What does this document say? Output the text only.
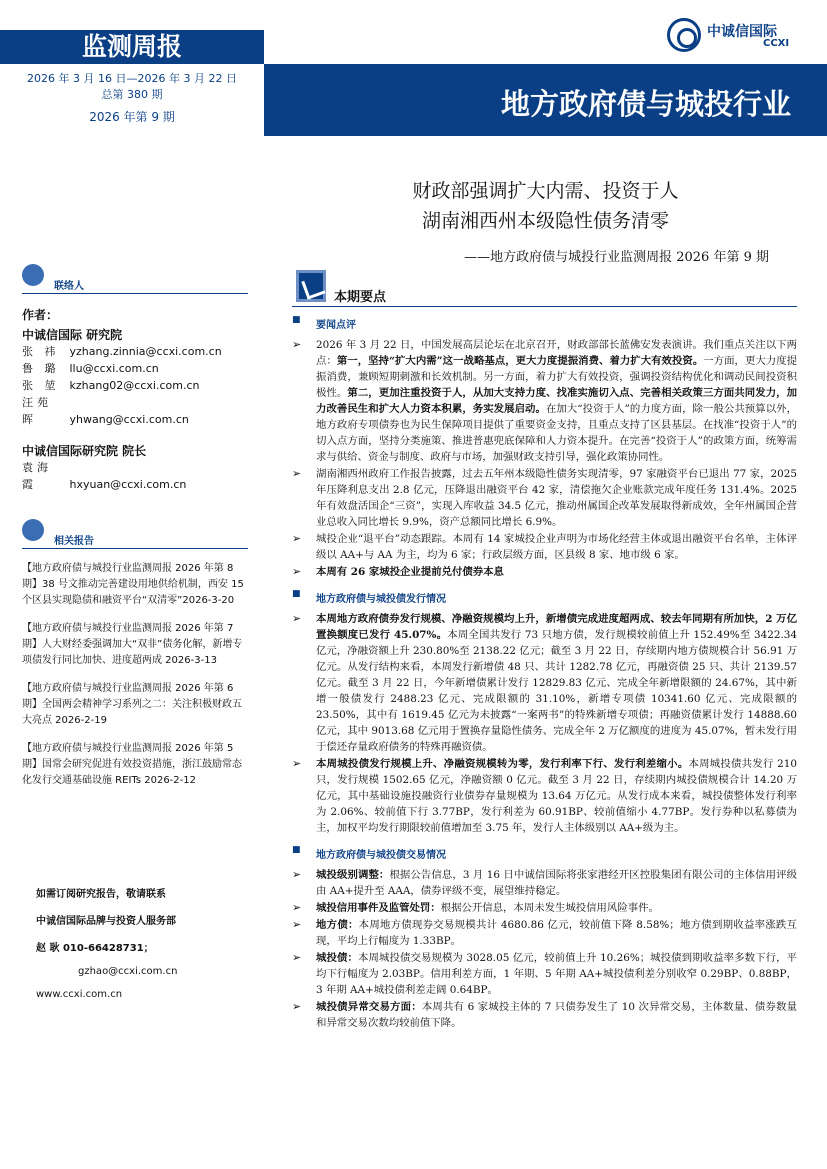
监测周报
2026 年 3 月 16 日—2026 年 3 月 22 日
总第 380 期
2026 年第 9 期
中诚信国际
CCXI
地方政府债与城投行业
财政部强调扩大内需、投资于人
湖南湘西州本级隐性债务清零
——地方政府债与城投行业监测周报 2026 年第 9 期
联络人
作者：
中诚信国际 研究院
张 祎 yzhang.zinnia@ccxi.com.cn
鲁 璐 llu@ccxi.com.cn
张 堃 kzhang02@ccxi.com.cn
汪苑晖	yhwang@ccxi.com.cn
中诚信国际研究院 院长
袁海霞	hxyuan@ccxi.com.cn
相关报告
【地方政府债与城投行业监测周报 2026 年第 8 期】38 号文推动完善建设用地供给机制，西安 15 个区县实现隐债和融资平台“双清零”2026-3-20
【地方政府债与城投行业监测周报 2026 年第 7 期】人大财经委强调加大“双非”债务化解，新增专项债发行同比加快、进度超两成 2026-3-13
【地方政府债与城投行业监测周报 2026 年第 6 期】全国两会精神学习系列之二：关注积极财政五大亮点 2026-2-19
【地方政府债与城投行业监测周报 2026 年第 5 期】国常会研究促进有效投资措施，浙江鼓励常态化发行交通基础设施 REITs 2026-2-12
如需订阅研究报告，敬请联系
中诚信国际品牌与投资人服务部
赵 耿 010-66428731；
gzhao@ccxi.com.cn
www.ccxi.com.cn
本期要点
■ 要闻点评
➢ 2026 年 3 月 22 日，中国发展高层论坛在北京召开，财政部部长蓝佛安发表演讲。我们重点关注以下两点：第一，坚持“扩大内需”这一战略基点，更大力度提振消费、着力扩大有效投资。一方面，更大力度提振消费，兼顾短期刺激和长效机制。另一方面，着力扩大有效投资，强调投资结构优化和调动民间投资积极性。第二，更加注重投资于人，从加大支持力度、找准实施切入点、完善相关政策三方面共同发力，加力改善民生和扩大人力资本积累，务实发展启动。在加大“投资于人”的力度方面，除一般公共预算以外，地方政府专项债券也为民生保障项目提供了重要资金支持，且重点支持了区县基层。在找准“投资于人”的切入点方面，坚持分类施策、推进普惠兜底保障和人力资本提升。在完善“投资于人”的政策方面，统筹需求与供给、资金与制度、政府与市场，加强财政支持引导，强化政策协同性。
➢ 湖南湘西州政府工作报告披露，过去五年州本级隐性债务实现清零，97 家融资平台已退出 77 家，2025 年压降利息支出 2.8 亿元，压降退出融资平台 42 家，清偿拖欠企业账款完成年度任务 131.4%。2025 年有效盘活国企“三资”，实现入库收益 34.5 亿元，推动州属国企改革发展取得新成效，全年州属国企营业总收入同比增长 9.9%，资产总额同比增长 6.9%。
➢ 城投企业“退平台”动态跟踪。本周有 14 家城投企业声明为市场化经营主体或退出融资平台名单，主体评级以 AA+与 AA 为主，均为 6 家；行政层级方面，区县级 8 家、地市级 6 家。
➢ 本周有 26 家城投企业提前兑付债券本息
■ 地方政府债与城投债发行情况
➢ 本周地方政府债券发行规模、净融资规模均上升，新增债完成进度超两成、较去年同期有所加快，2 万亿置换额度已发行 45.07%。本周全国共发行 73 只地方债，发行规模较前值上升 152.49%至 3422.34 亿元，净融资额上升 230.80%至 2138.22 亿元；截至 3 月 22 日，存续期内地方债规模合计 56.91 万亿元。从发行结构来看，本周发行新增债 48 只、共计 1282.78 亿元，再融资债 25 只、共计 2139.57 亿元。截至 3 月 22 日，今年新增债累计发行 12829.83 亿元、完成全年新增限额的 24.67%，其中新增一般债发行 2488.23 亿元、完成限额的 31.10%，新增专项债 10341.60 亿元、完成限额的 23.50%，其中有 1619.45 亿元为未披露“一案两书”的特殊新增专项债；再融资债累计发行 14888.60 亿元，其中 9013.68 亿元用于置换存量隐性债务、完成全年 2 万亿额度的进度为 45.07%，暂未发行用于偿还存量政府债务的特殊再融资债。
➢ 本周城投债发行规模上升、净融资规模转为零，发行利率下行、发行利差缩小。本周城投债共发行 210 只，发行规模 1502.65 亿元，净融资额 0 亿元。截至 3 月 22 日，存续期内城投债规模合计 14.20 万亿元，其中基础设施投融资行业债券存量规模为 13.64 万亿元。从发行成本来看，城投债整体发行利率为 2.06%、较前值下行 3.77BP，发行利差为 60.91BP、较前值缩小 4.77BP。发行券种以私募债为主，加权平均发行期限较前值增加至 3.75 年，发行人主体级别以 AA+级为主。
■ 地方政府债与城投债交易情况
➢ 城投级别调整：根据公告信息，3 月 16 日中诚信国际将张家港经开区控股集团有限公司的主体信用评级由 AA+提升至 AAA，债券评级不变，展望维持稳定。
➢ 城投信用事件及监管处罚：根据公开信息，本周未发生城投信用风险事件。
➢ 地方债：本周地方债现券交易规模共计 4680.86 亿元，较前值下降 8.58%；地方债到期收益率涨跌互现，平均上行幅度为 1.33BP。
➢ 城投债：本周城投债交易规模为 3028.05 亿元，较前值上升 10.26%；城投债到期收益率多数下行，平均下行幅度为 2.03BP。信用利差方面，1 年期、5 年期 AA+城投债利差分别收窄 0.29BP、0.88BP，3 年期 AA+城投债利差走阔 0.64BP。
➢ 城投债异常交易方面：本周共有 6 家城投主体的 7 只债券发生了 10 次异常交易，主体数量、债券数量和异常交易次数均较前值下降。
